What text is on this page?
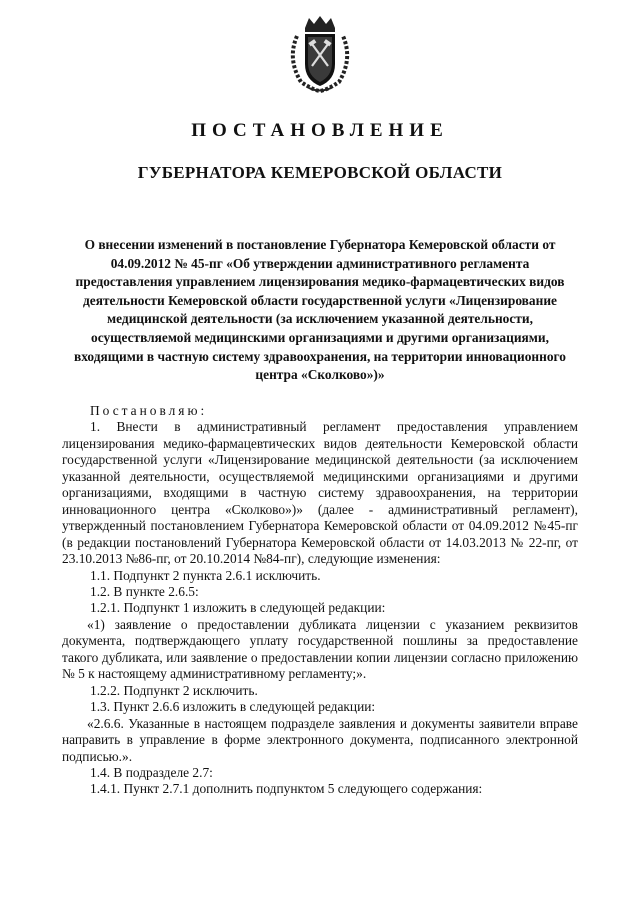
ПОСТАНОВЛЕНИЕ
ГУБЕРНАТОРА КЕМЕРОВСКОЙ ОБЛАСТИ

О внесении изменений в постановление Губернатора Кемеровской области от 04.09.2012 № 45-пг «Об утверждении административного регламента предоставления управлением лицензирования медико-фармацевтических видов деятельности Кемеровской области государственной услуги «Лицензирование медицинской деятельности (за исключением указанной деятельности, осуществляемой медицинскими организациями и другими организациями, входящими в частную систему здравоохранения, на территории инновационного центра «Сколково»)»

Постановляю:

1. Внести в административный регламент предоставления управлением лицензирования медико-фармацевтических видов деятельности Кемеровской области государственной услуги «Лицензирование медицинской деятельности (за исключением указанной деятельности, осуществляемой медицинскими организациями и другими организациями, входящими в частную систему здравоохранения, на территории инновационного центра «Сколково»)» (далее - административный регламент), утвержденный постановлением Губернатора Кемеровской области от 04.09.2012 №45-пг (в редакции постановлений Губернатора Кемеровской области от 14.03.2013 № 22-пг, от 23.10.2013 №86-пг, от 20.10.2014 №84-пг), следующие изменения:

1.1. Подпункт 2 пункта 2.6.1 исключить.

1.2. В пункте 2.6.5:

1.2.1. Подпункт 1 изложить в следующей редакции:

«1) заявление о предоставлении дубликата лицензии с указанием реквизитов документа, подтверждающего уплату государственной пошлины за предоставление такого дубликата, или заявление о предоставлении копии лицензии согласно приложению № 5 к настоящему административному регламенту;».

1.2.2. Подпункт 2 исключить.

1.3. Пункт 2.6.6 изложить в следующей редакции:

«2.6.6. Указанные в настоящем подразделе заявления и документы заявители вправе направить в управление в форме электронного документа, подписанного электронной подписью.».

1.4. В подразделе 2.7:

1.4.1. Пункт 2.7.1 дополнить подпунктом 5 следующего содержания:
